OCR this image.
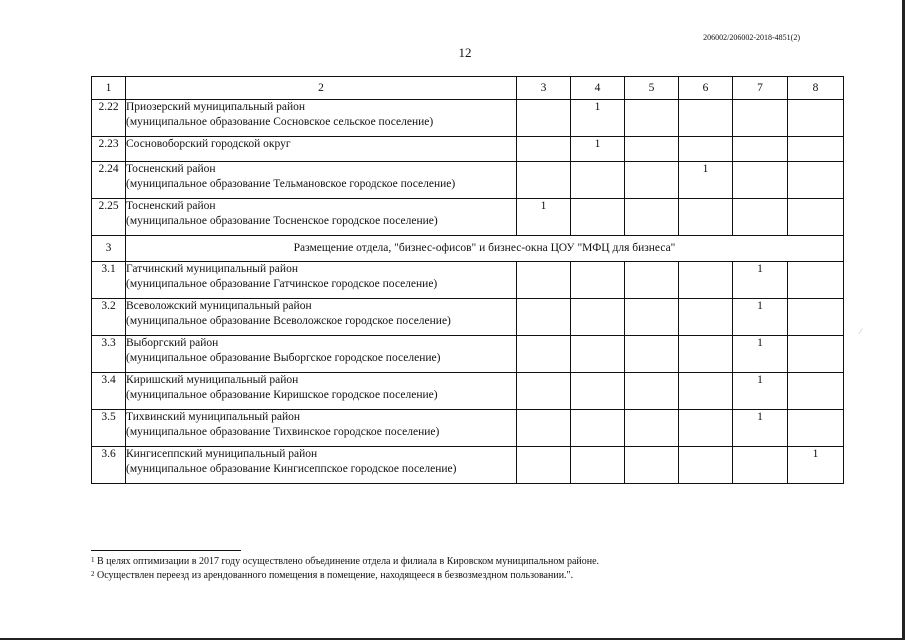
⁄
206002/206002-2018-4851(2)
12
1	2	3	4	5	6	7	8
2.22	Приозерский муниципальный район
(муниципальное образование Сосновское сельское поселение)		1				
2.23	Сосновоборский городской округ		1				
2.24	Тосненский район
(муниципальное образование Тельмановское городское поселение)				1		
2.25	Тосненский район
(муниципальное образование Тосненское городское поселение)	1					
3	Размещение отдела, "бизнес-офисов" и бизнес-окна ЦОУ "МФЦ для бизнеса"						
3.1	Гатчинский муниципальный район
(муниципальное образование Гатчинское городское поселение)					1	
3.2	Всеволожский муниципальный район
(муниципальное образование Всеволожское городское поселение)					1	
3.3	Выборгский район
(муниципальное образование Выборгское городское поселение)					1	
3.4	Киришский муниципальный район
(муниципальное образование Киришское городское поселение)					1	
3.5	Тихвинский муниципальный район
(муниципальное образование Тихвинское городское поселение)					1	
3.6	Кингисеппский муниципальный район
(муниципальное образование Кингисеппское городское поселение)						1
$^1$ В целях оптимизации в 2017 году осуществлено объединение отдела и филиала в Кировском муниципальном районе.
$^2$ Осуществлен переезд из арендованного помещения в помещение, находящееся в безвозмездном пользовании.".
